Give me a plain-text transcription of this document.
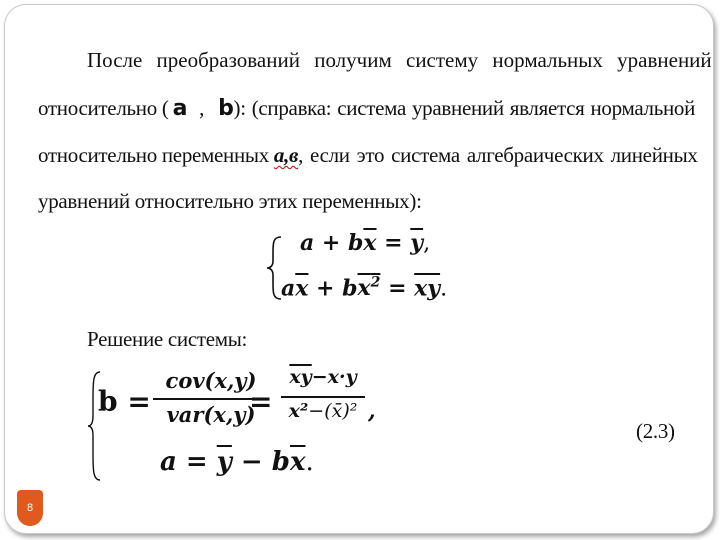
После преобразований получим систему нормальных уравнений
относительно ( a , b ): (справка: система уравнений является нормальной
относительно переменных а,в , если это система алгебраических линейных
уравнений относительно этих переменных):
$a + b\overline{x} = \overline{y}$,
$a\overline{x} + bx^2 = \overline{xy}$.
Решение системы:
b =
cov(x,y)
var(x,y)
=
$\overline{xy}-x\cdot y$
x²−(x̄)² ,
$a = \overline{y} - b\overline{x}$.
(2.3)
8
